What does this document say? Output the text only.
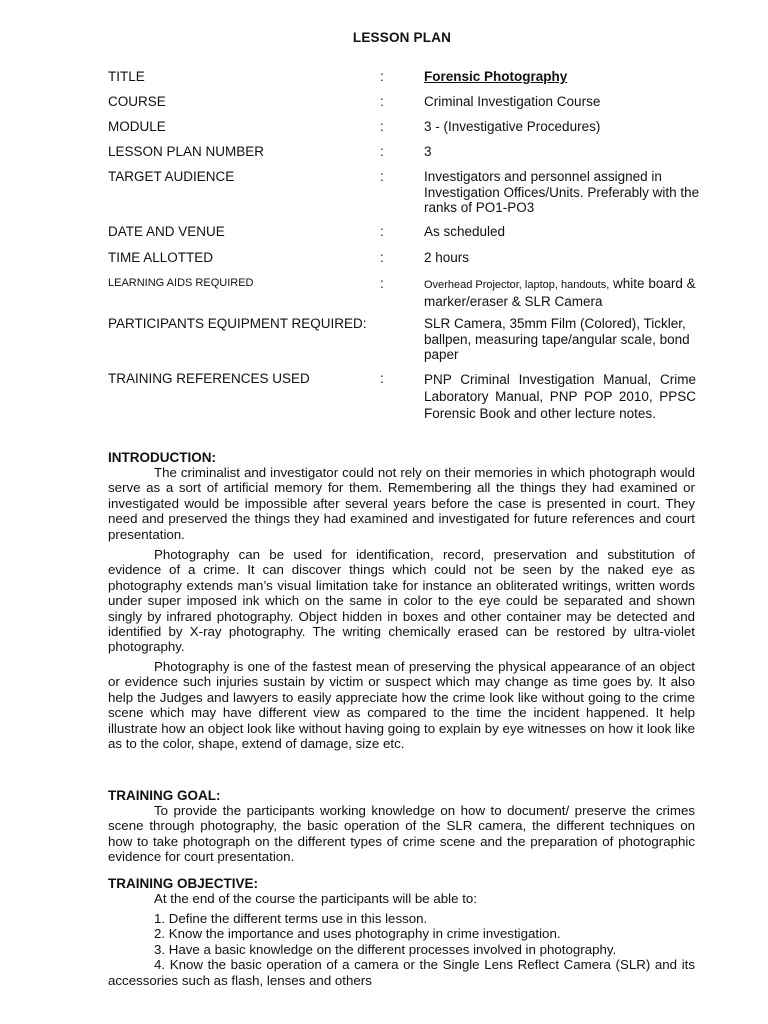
LESSON PLAN
TITLE	:	Forensic Photography
COURSE	:	Criminal Investigation Course
MODULE	:	3 - (Investigative Procedures)
LESSON PLAN NUMBER	:	3
TARGET AUDIENCE	:	Investigators and personnel assigned in Investigation Offices/Units. Preferably with the ranks of PO1-PO3
DATE AND VENUE	:	As scheduled
TIME ALLOTTED	:	2 hours
LEARNING AIDS REQUIRED	:	Overhead Projector, laptop, handouts, white board & marker/eraser & SLR Camera
PARTICIPANTS EQUIPMENT REQUIRED:	SLR Camera, 35mm Film (Colored), Tickler, ballpen, measuring tape/angular scale, bond paper
TRAINING REFERENCES USED	:	PNP Criminal Investigation Manual, Crime Laboratory Manual, PNP POP 2010, PPSC Forensic Book and other lecture notes.
INTRODUCTION:
The criminalist and investigator could not rely on their memories in which photograph would serve as a sort of artificial memory for them. Remembering all the things they had examined or investigated would be impossible after several years before the case is presented in court. They need and preserved the things they had examined and investigated for future references and court presentation.
Photography can be used for identification, record, preservation and substitution of evidence of a crime. It can discover things which could not be seen by the naked eye as photography extends man’s visual limitation take for instance an obliterated writings, written words under super imposed ink which on the same in color to the eye could be separated and shown singly by infrared photography. Object hidden in boxes and other container may be detected and identified by X-ray photography. The writing chemically erased can be restored by ultra-violet photography.
Photography is one of the fastest mean of preserving the physical appearance of an object or evidence such injuries sustain by victim or suspect which may change as time goes by. It also help the Judges and lawyers to easily appreciate how the crime look like without going to the crime scene which may have different view as compared to the time the incident happened. It help illustrate how an object look like without having going to explain by eye witnesses on how it look like as to the color, shape, extend of damage, size etc.
TRAINING GOAL:
To provide the participants working knowledge on how to document/ preserve the crimes scene through photography, the basic operation of the SLR camera, the different techniques on how to take photograph on the different types of crime scene and the preparation of photographic evidence for court presentation.
TRAINING OBJECTIVE:
At the end of the course the participants will be able to:
1. Define the different terms use in this lesson.
2. Know the importance and uses photography in crime investigation.
3. Have a basic knowledge on the different processes involved in photography.
4. Know the basic operation of a camera or the Single Lens Reflect Camera (SLR) and its accessories such as flash, lenses and others
